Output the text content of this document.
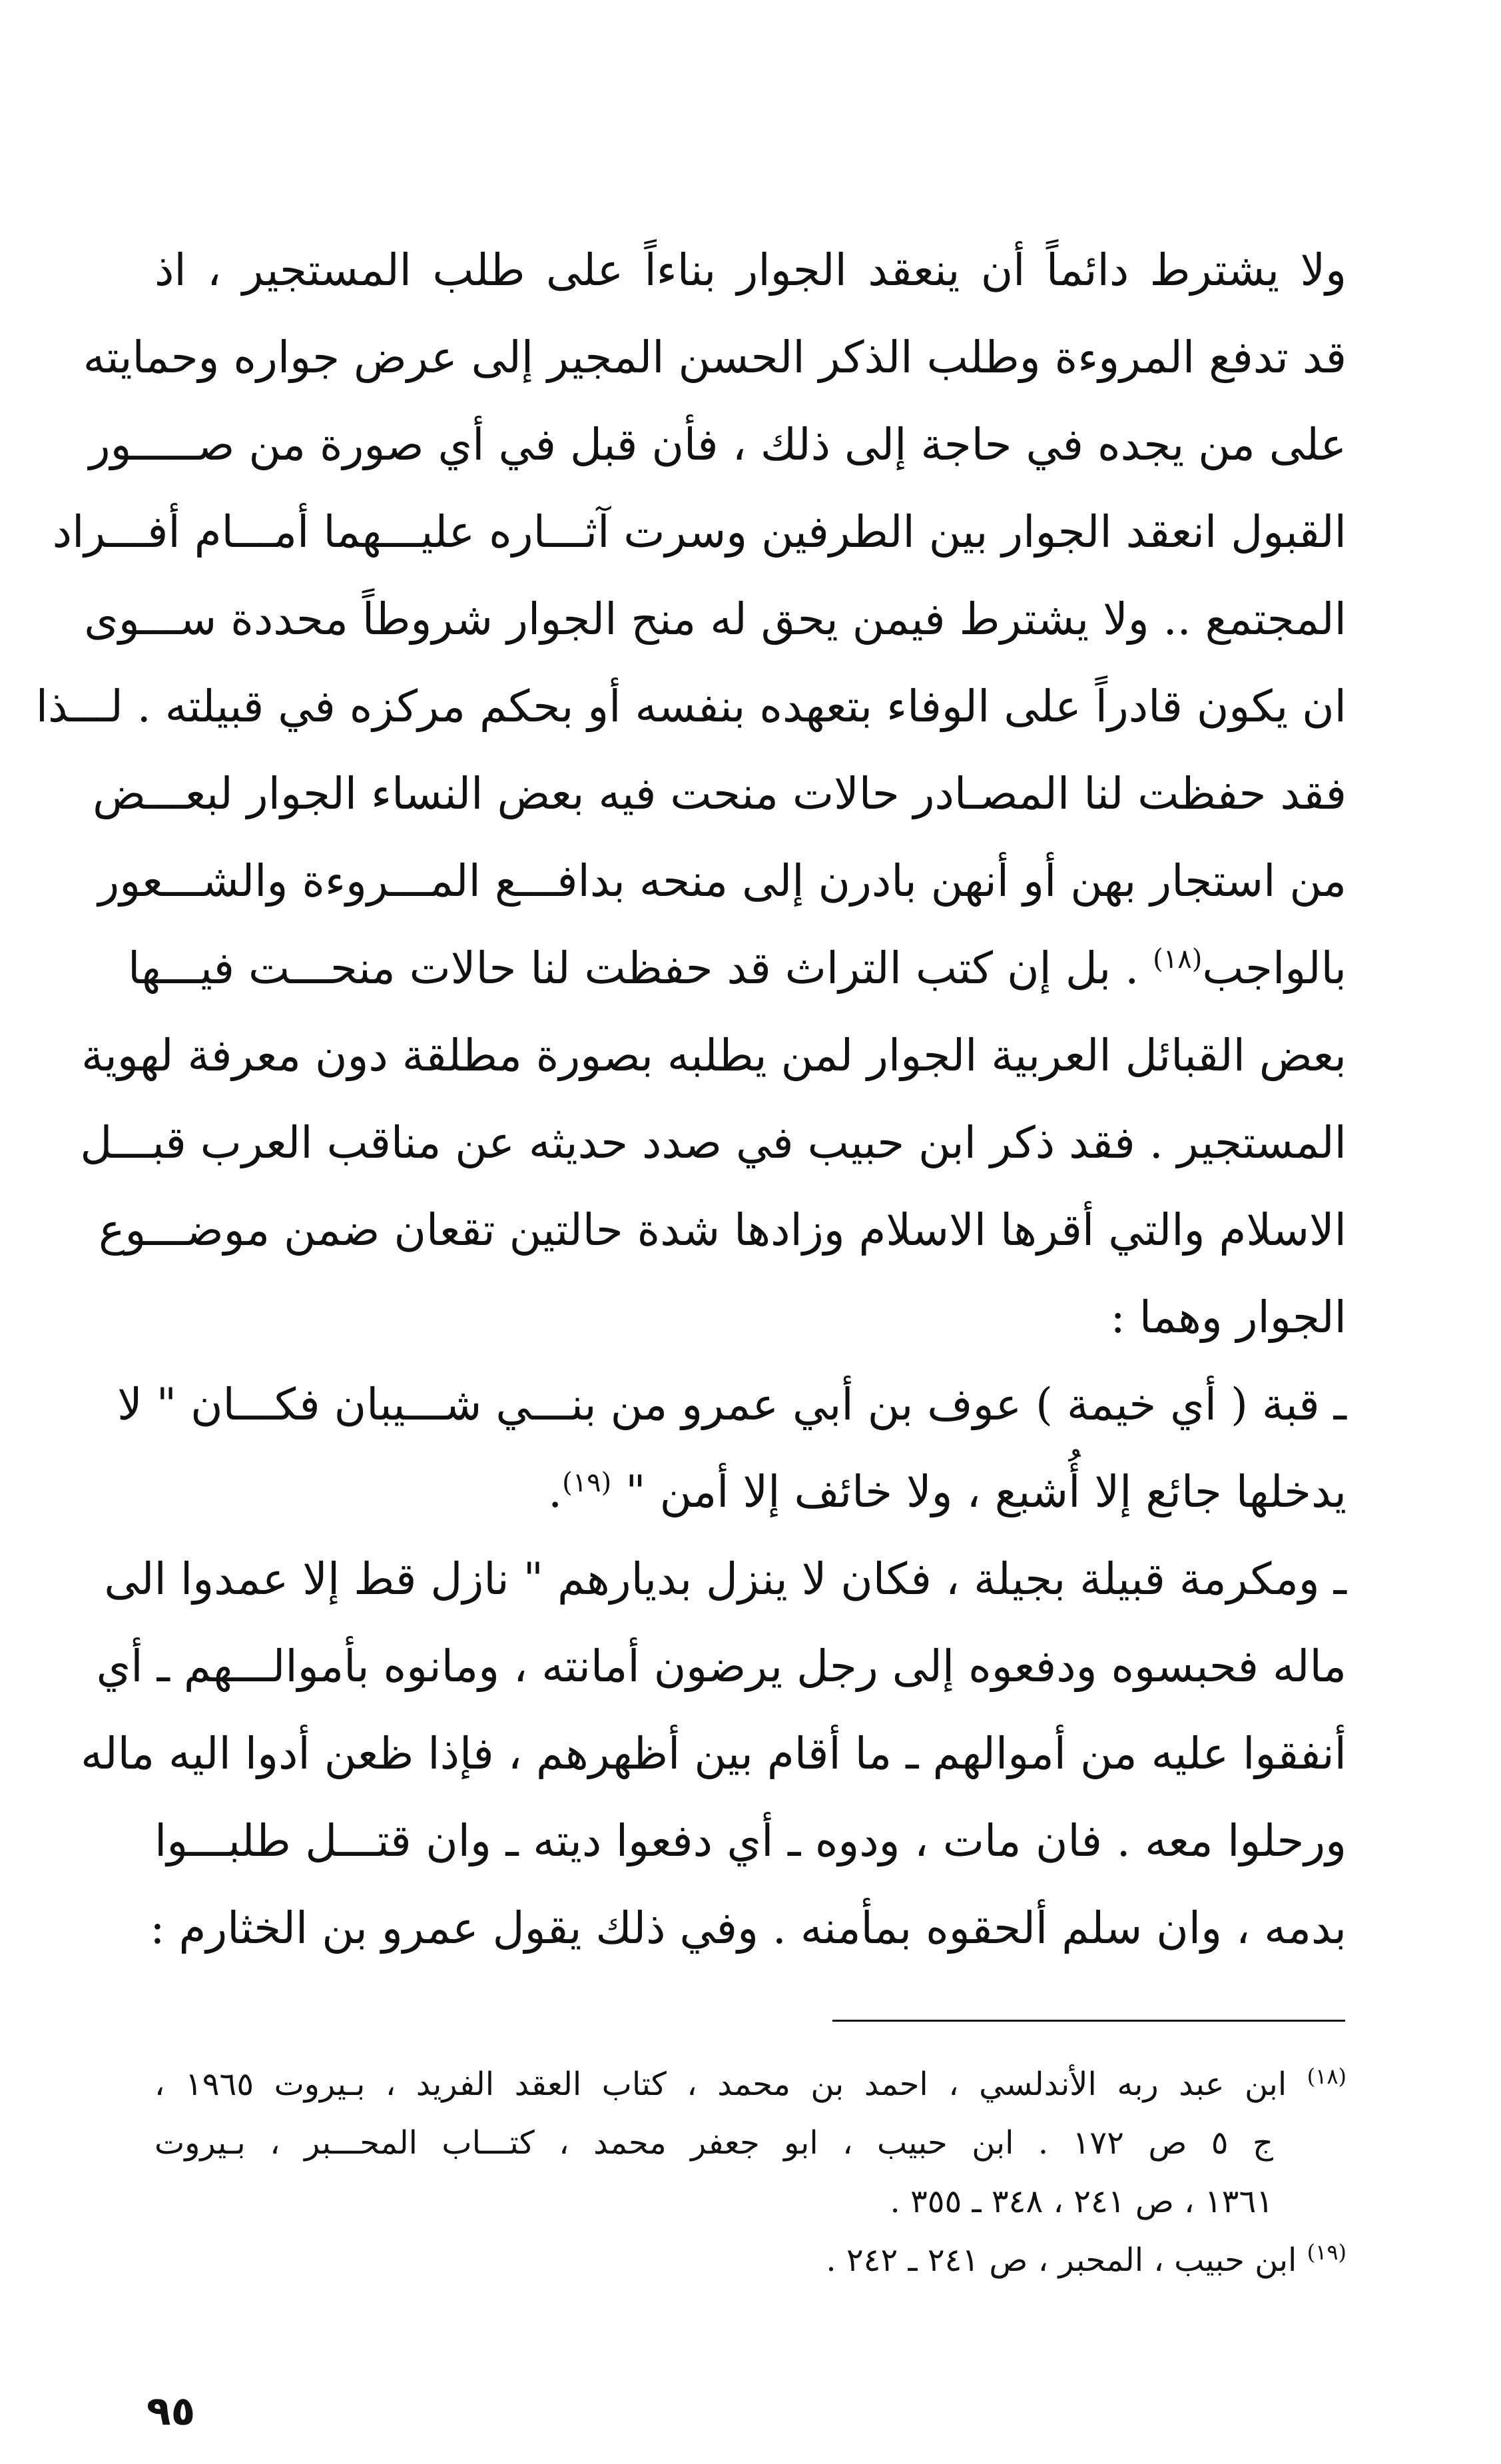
ولا يشترط دائماً أن ينعقد الجوار بناءاً على طلب المستجير ، اذ
قد تدفع المروءة وطلب الذكر الحسن المجير إلى عرض جواره وحمايته
على من يجده في حاجة إلى ذلك ، فأن قبل في أي صورة من صـــــور
القبول انعقد الجوار بين الطرفين وسرت آثـــاره عليـــهما أمـــام أفـــراد
المجتمع .. ولا يشترط فيمن يحق له منح الجوار شروطاً محددة ســـوى
ان يكون قادراً على الوفاء بتعهده بنفسه أو بحكم مركزه في قبيلته . لـــذا
فقد حفظت لنا المصـادر حالات منحت فيه بعض النساء الجوار لبعـــض
من استجار بهن أو أنهن بادرن إلى منحه بدافـــع المـــروءة والشـــعور
بالواجب$^{(١٨)}$ . بل إن كتب التراث قد حفظت لنا حالات منحـــت فيـــها
بعض القبائل العربية الجوار لمن يطلبه بصورة مطلقة دون معرفة لهوية
المستجير . فقد ذكر ابن حبيب في صدد حديثه عن مناقب العرب قبـــل
الاسلام والتي أقرها الاسلام وزادها شدة حالتين تقعان ضمن موضـــوع
الجوار وهما :
ـ قبة ( أي خيمة ) عوف بن أبي عمرو من بنـــي شـــيبان فكـــان " لا
يدخلها جائع إلا أُشبع ، ولا خائف إلا أمن " $^{(١٩)}$.
ـ ومكرمة قبيلة بجيلة ، فكان لا ينزل بديارهم " نازل قط إلا عمدوا الى
ماله فحبسوه ودفعوه إلى رجل يرضون أمانته ، ومانوه بأموالـــهم ـ أي
أنفقوا عليه من أموالهم ـ ما أقام بين أظهرهم ، فإذا ظعن أدوا اليه ماله
ورحلوا معه . فان مات ، ودوه ـ أي دفعوا ديته ـ وان قتـــل طلبـــوا
بدمه ، وان سلم ألحقوه بمأمنه . وفي ذلك يقول عمرو بن الخثارم :
$^{(١٨)}$ ابن عبد ربه الأندلسي ، احمد بن محمد ، كتاب العقد الفريد ، بـيروت ١٩٦٥ ،
ج ٥ ص ١٧٢ . ابن حبيب ، ابو جعفر محمد ، كتـــاب المحـــبر ، بـيروت
١٣٦١ ، ص ٢٤١ ، ٣٤٨ ـ ٣٥٥ .
$^{(١٩)}$ ابن حبيب ، المحبر ، ص ٢٤١ ـ ٢٤٢ .
٩٥
